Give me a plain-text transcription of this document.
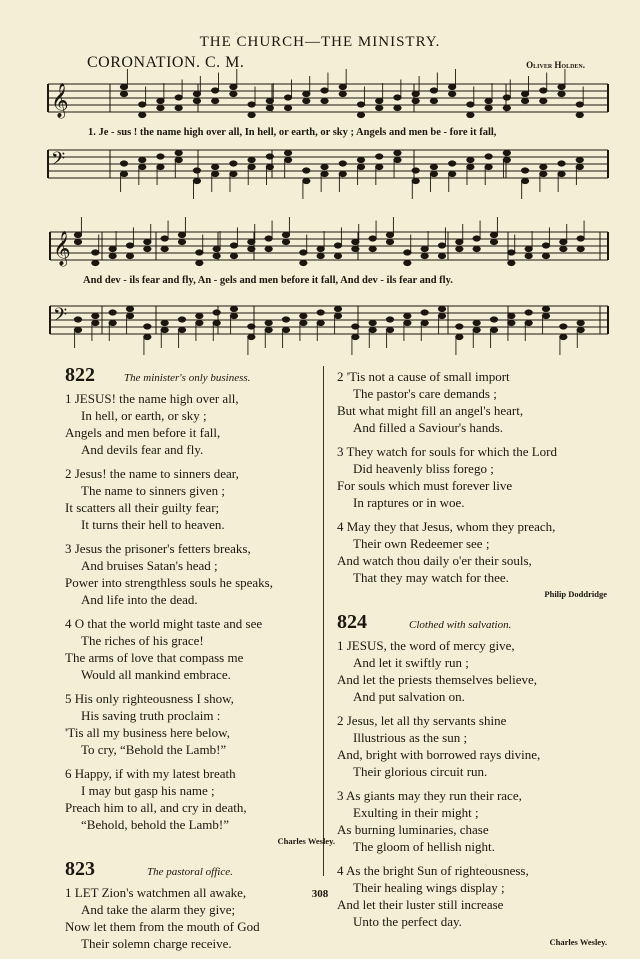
THE CHURCH—THE MINISTRY.
CORONATION. C. M.	Oliver Holden.
𝄞
𝄢
𝄞
𝄢
1. Je - sus ! the name high over all, In hell, or earth, or sky ; Angels and men be - fore it fall,
And dev - ils fear and fly, An - gels and men before it fall, And dev - ils fear and fly.
822	The minister's only business.
1 JESUS! the name high over all,
In hell, or earth, or sky ;
Angels and men before it fall,
And devils fear and fly.
2 Jesus! the name to sinners dear,
The name to sinners given ;
It scatters all their guilty fear;
It turns their hell to heaven.
3 Jesus the prisoner's fetters breaks,
And bruises Satan's head ;
Power into strengthless souls he speaks,
And life into the dead.
4 O that the world might taste and see
The riches of his grace!
The arms of love that compass me
Would all mankind embrace.
5 His only righteousness I show,
His saving truth proclaim :
'Tis all my business here below,
To cry, “Behold the Lamb!”
6 Happy, if with my latest breath
I may but gasp his name ;
Preach him to all, and cry in death,
“Behold, behold the Lamb!”
Charles Wesley.
823	The pastoral office.
1 LET Zion's watchmen all awake,
And take the alarm they give;
Now let them from the mouth of God
Their solemn charge receive.
2 'Tis not a cause of small import
The pastor's care demands ;
But what might fill an angel's heart,
And filled a Saviour's hands.
3 They watch for souls for which the Lord
Did heavenly bliss forego ;
For souls which must forever live
In raptures or in woe.
4 May they that Jesus, whom they preach,
Their own Redeemer see ;
And watch thou daily o'er their souls,
That they may watch for thee.
Philip Doddridge
824	Clothed with salvation.
1 JESUS, the word of mercy give,
And let it swiftly run ;
And let the priests themselves believe,
And put salvation on.
2 Jesus, let all thy servants shine
Illustrious as the sun ;
And, bright with borrowed rays divine,
Their glorious circuit run.
3 As giants may they run their race,
Exulting in their might ;
As burning luminaries, chase
The gloom of hellish night.
4 As the bright Sun of righteousness,
Their healing wings display ;
And let their luster still increase
Unto the perfect day.
Charles Wesley.
308
